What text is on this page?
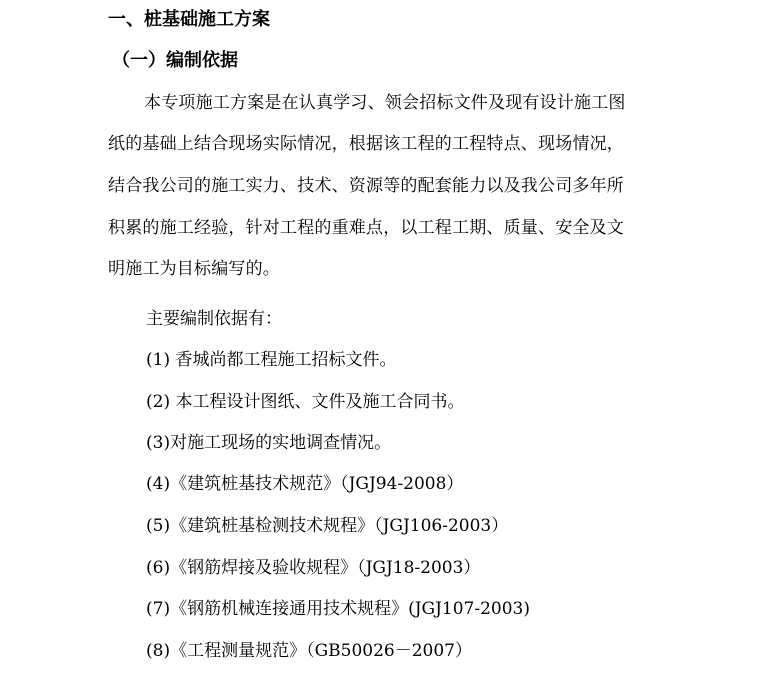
一、桩基础施工方案
（一）编制依据
本专项施工方案是在认真学习、领会招标文件及现有设计施工图
纸的基础上结合现场实际情况，根据该工程的工程特点、现场情况，
结合我公司的施工实力、技术、资源等的配套能力以及我公司多年所
积累的施工经验，针对工程的重难点，以工程工期、质量、安全及文
明施工为目标编写的。
主要编制依据有：
(1) 香城尚都工程施工招标文件。
(2) 本工程设计图纸、文件及施工合同书。
(3)对施工现场的实地调查情况。
(4)《建筑桩基技术规范》（JGJ94-2008）
(5)《建筑桩基检测技术规程》（JGJ106-2003）
(6)《钢筋焊接及验收规程》（JGJ18-2003）
(7)《钢筋机械连接通用技术规程》(JGJ107-2003)
(8)《工程测量规范》（GB50026－2007）
